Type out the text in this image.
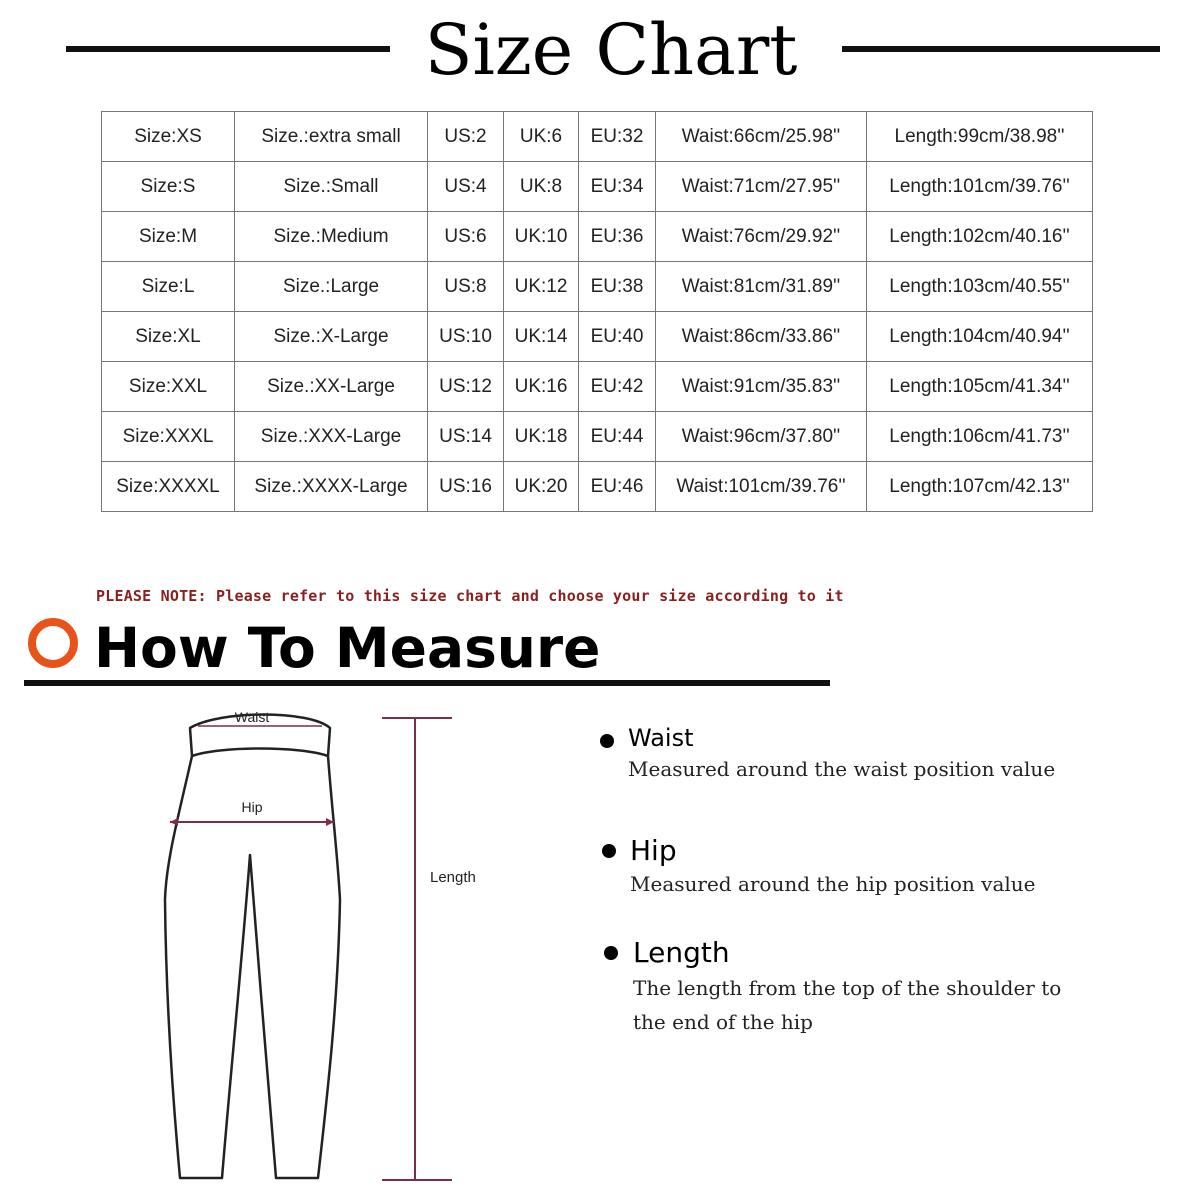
Size Chart
Size:XS	Size.:extra small	US:2	UK:6	EU:32	Waist:66cm/25.98''	Length:99cm/38.98''
Size:S	Size.:Small	US:4	UK:8	EU:34	Waist:71cm/27.95''	Length:101cm/39.76''
Size:M	Size.:Medium	US:6	UK:10	EU:36	Waist:76cm/29.92''	Length:102cm/40.16''
Size:L	Size.:Large	US:8	UK:12	EU:38	Waist:81cm/31.89''	Length:103cm/40.55''
Size:XL	Size.:X-Large	US:10	UK:14	EU:40	Waist:86cm/33.86''	Length:104cm/40.94''
Size:XXL	Size.:XX-Large	US:12	UK:16	EU:42	Waist:91cm/35.83''	Length:105cm/41.34''
Size:XXXL	Size.:XXX-Large	US:14	UK:18	EU:44	Waist:96cm/37.80''	Length:106cm/41.73''
Size:XXXXL	Size.:XXXX-Large	US:16	UK:20	EU:46	Waist:101cm/39.76''	Length:107cm/42.13''
PLEASE NOTE: Please refer to this size chart and choose your size according to it
How To Measure
Waist
Hip
Length
Waist
Measured around the waist position value
Hip
Measured around the hip position value
Length
The length from the top of the shoulder to
the end of the hip
